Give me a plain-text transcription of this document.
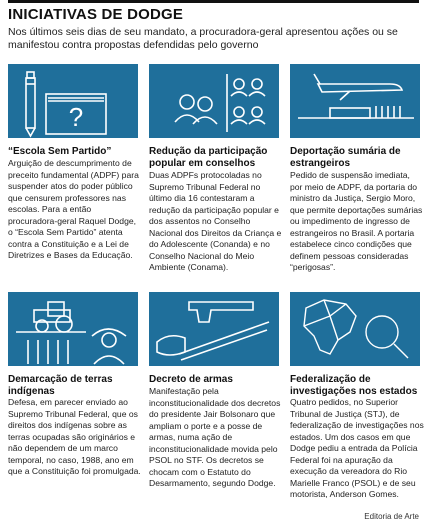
INICIATIVAS DE DODGE
Nos últimos seis dias de seu mandato, a procuradora-geral apresentou ações ou se manifestou contra propostas defendidas pelo governo
?
“Escola Sem Partido”
Arguição de descumprimento de preceito fundamental (ADPF) para suspender atos do poder público que censurem professores nas escolas. Para a então procuradora-geral Raquel Dodge, o “Escola Sem Partido” atenta contra a Constituição e a Lei de Diretrizes e Bases da Educação.
Redução da participação popular em conselhos
Duas ADPFs protocoladas no Supremo Tribunal Federal no último dia 16 contestaram a redução da participação popular e dos assentos no Conselho Nacional dos Direitos da Criança e do Adolescente (Conanda) e no Conselho Nacional do Meio Ambiente (Conama).
Deportação sumária de estrangeiros
Pedido de suspensão imediata, por meio de ADPF, da portaria do ministro da Justiça, Sergio Moro, que permite deportações sumárias ou impedimento de ingresso de estrangeiros no Brasil. A portaria estabelece cinco condições que definem pessoas consideradas “perigosas”.
Demarcação de terras indígenas
Defesa, em parecer enviado ao Supremo Tribunal Federal, que os direitos dos indígenas sobre as terras ocupadas são originários e não dependem de um marco temporal, no caso, 1988, ano em que a Constituição foi promulgada.
Decreto de armas
Manifestação pela inconstitucionalidade dos decretos do presidente Jair Bolsonaro que ampliam o porte e a posse de armas, numa ação de inconstitucionalidade movida pelo PSOL no STF. Os decretos se chocam com o Estatuto do Desarmamento, segundo Dodge.
Federalização de investigações nos estados
Quatro pedidos, no Superior Tribunal de Justiça (STJ), de federalização de investigações nos estados. Um dos casos em que Dodge pediu a entrada da Polícia Federal foi na apuração da execução da vereadora do Rio Marielle Franco (PSOL) e de seu motorista, Anderson Gomes.
Editoria de Arte
